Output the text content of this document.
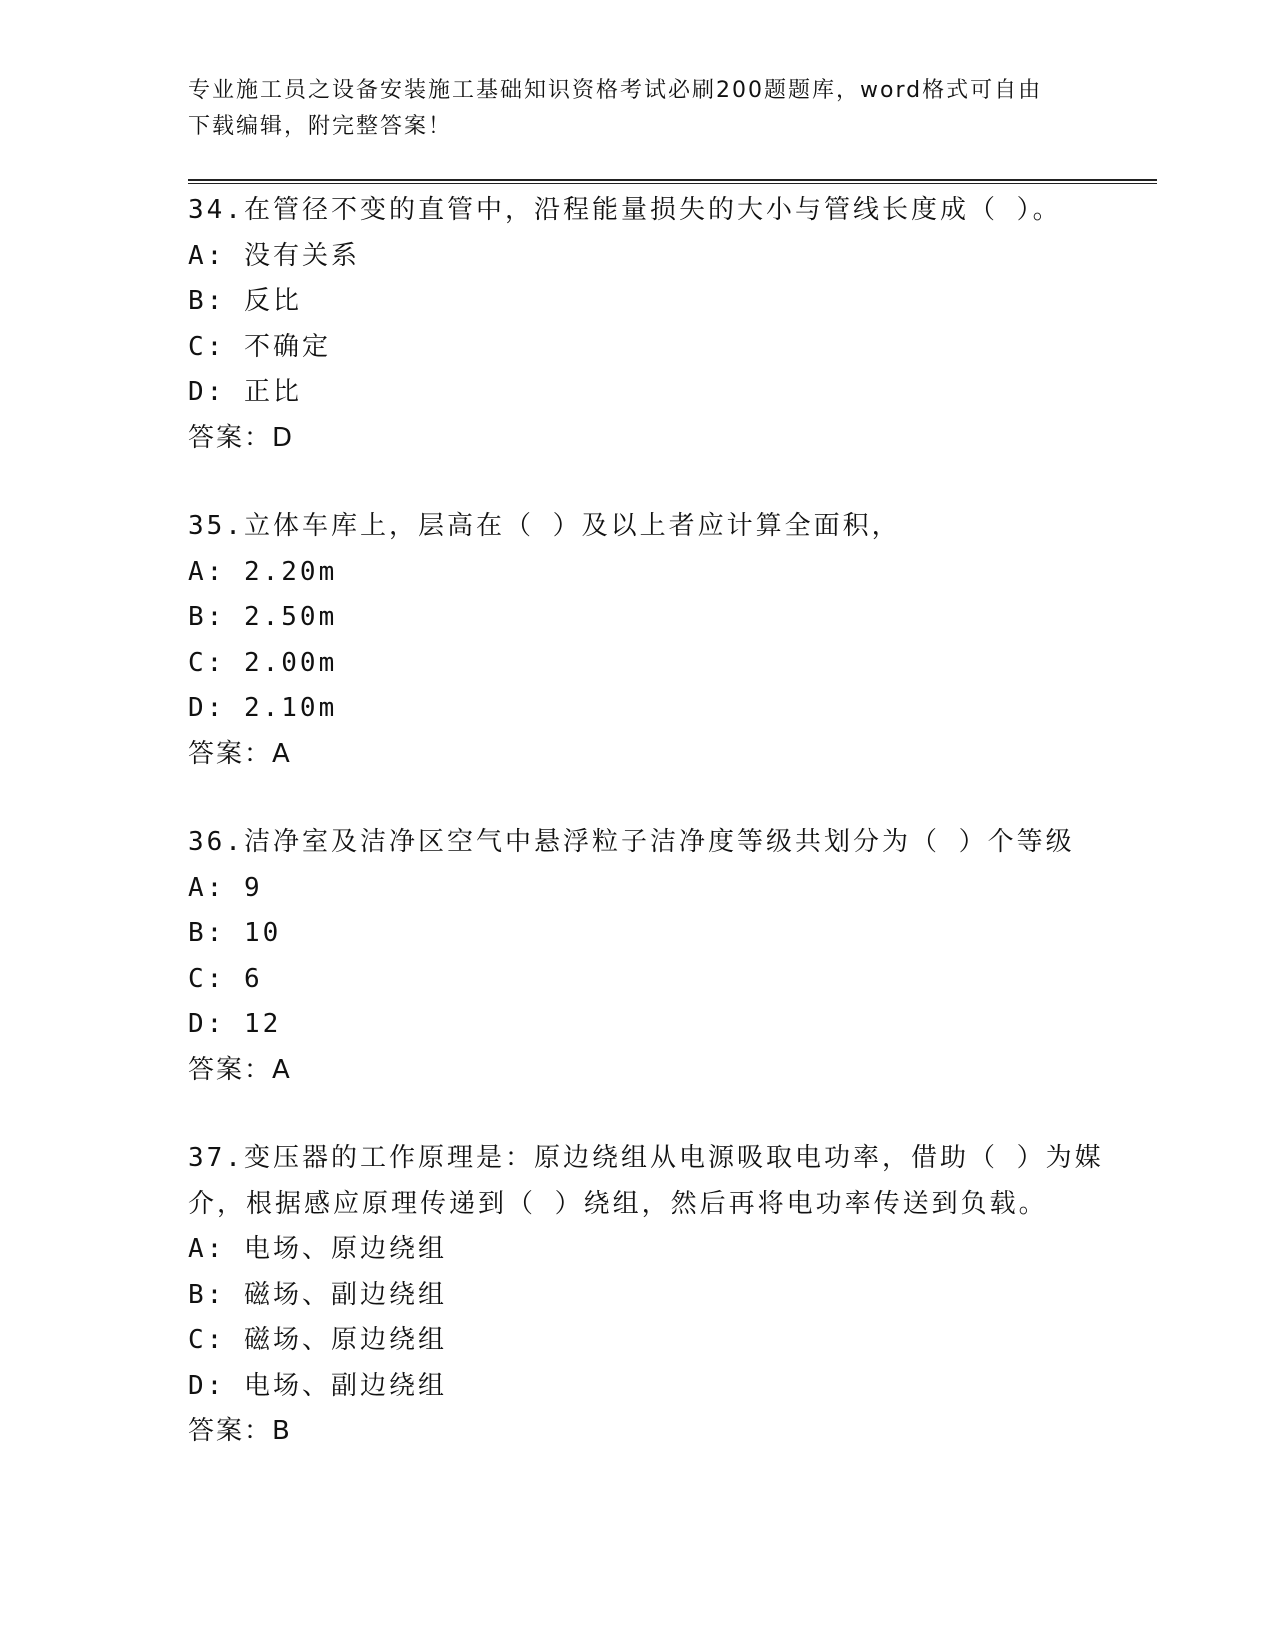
专业施工员之设备安装施工基础知识资格考试必刷200题题库，word格式可自由
下载编辑，附完整答案！
34.在管径不变的直管中，沿程能量损失的大小与管线长度成（ ）。
A: 没有关系
B: 反比
C: 不确定
D: 正比
答案：D
35.立体车库上，层高在（ ）及以上者应计算全面积，
A: 2.20m
B: 2.50m
C: 2.00m
D: 2.10m
答案：A
36.洁净室及洁净区空气中悬浮粒子洁净度等级共划分为（ ）个等级
A: 9
B: 10
C: 6
D: 12
答案：A
37.变压器的工作原理是：原边绕组从电源吸取电功率，借助（ ）为媒介，根据感应原理传递到（ ）绕组，然后再将电功率传送到负载。
A: 电场、原边绕组
B: 磁场、副边绕组
C: 磁场、原边绕组
D: 电场、副边绕组
答案：B
